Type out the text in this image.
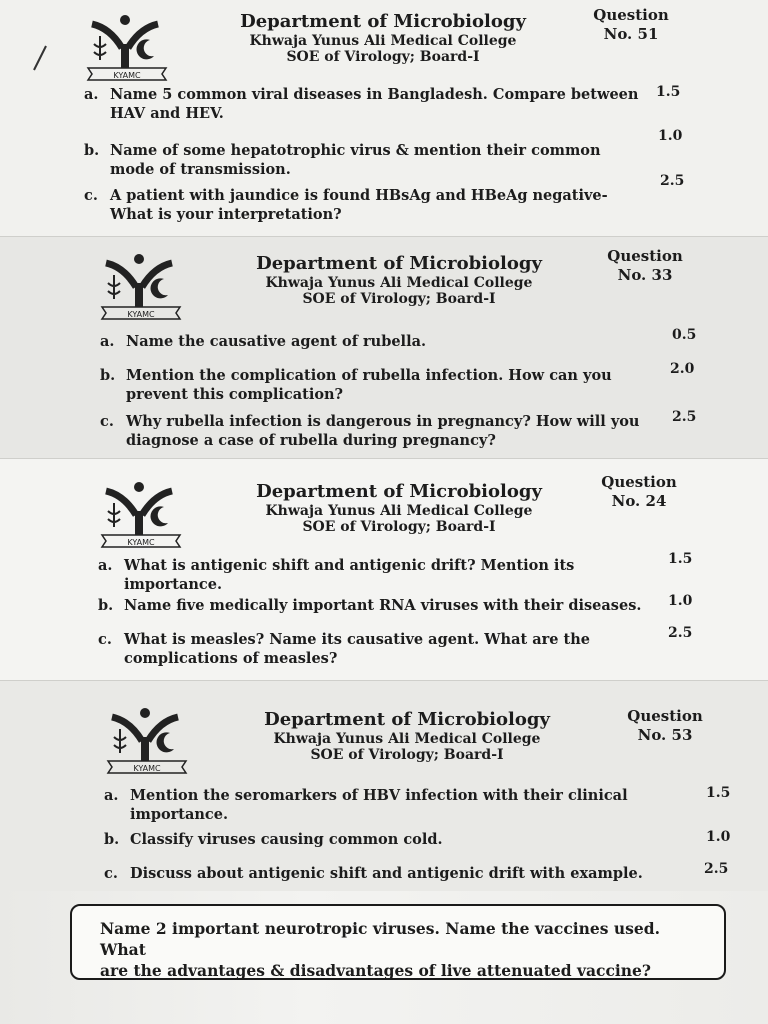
KYAMC
Department of Microbiology
Khwaja Yunus Ali Medical College
SOE of Virology; Board-I
Question
No. 51
a. Name 5 common viral diseases in Bangladesh. Compare between
HAV and HEV.
1.5
b. Name of some hepatotrophic virus & mention their common
mode of transmission.
1.0
c. A patient with jaundice is found HBsAg and HBeAg negative-
What is your interpretation?
2.5
KYAMC
Department of Microbiology
Khwaja Yunus Ali Medical College
SOE of Virology; Board-I
Question
No. 33
a. Name the causative agent of rubella.	0.5
b. Mention the complication of rubella infection. How can you
prevent this complication?
2.0
c. Why rubella infection is dangerous in pregnancy? How will you
diagnose a case of rubella during pregnancy?
2.5
KYAMC
Department of Microbiology
Khwaja Yunus Ali Medical College
SOE of Virology; Board-I
Question
No. 24
a. What is antigenic shift and antigenic drift? Mention its
importance.
1.5
b. Name five medically important RNA viruses with their diseases. 1.0
c. What is measles? Name its causative agent. What are the
complications of measles?
2.5
KYAMC
Department of Microbiology
Khwaja Yunus Ali Medical College
SOE of Virology; Board-I
Question
No. 53
a. Mention the seromarkers of HBV infection with their clinical
importance.
1.5
b. Classify viruses causing common cold.	1.0
c. Discuss about antigenic shift and antigenic drift with example.	2.5
Name 2 important neurotropic viruses. Name the vaccines used. What
are the advantages & disadvantages of live attenuated vaccine?
